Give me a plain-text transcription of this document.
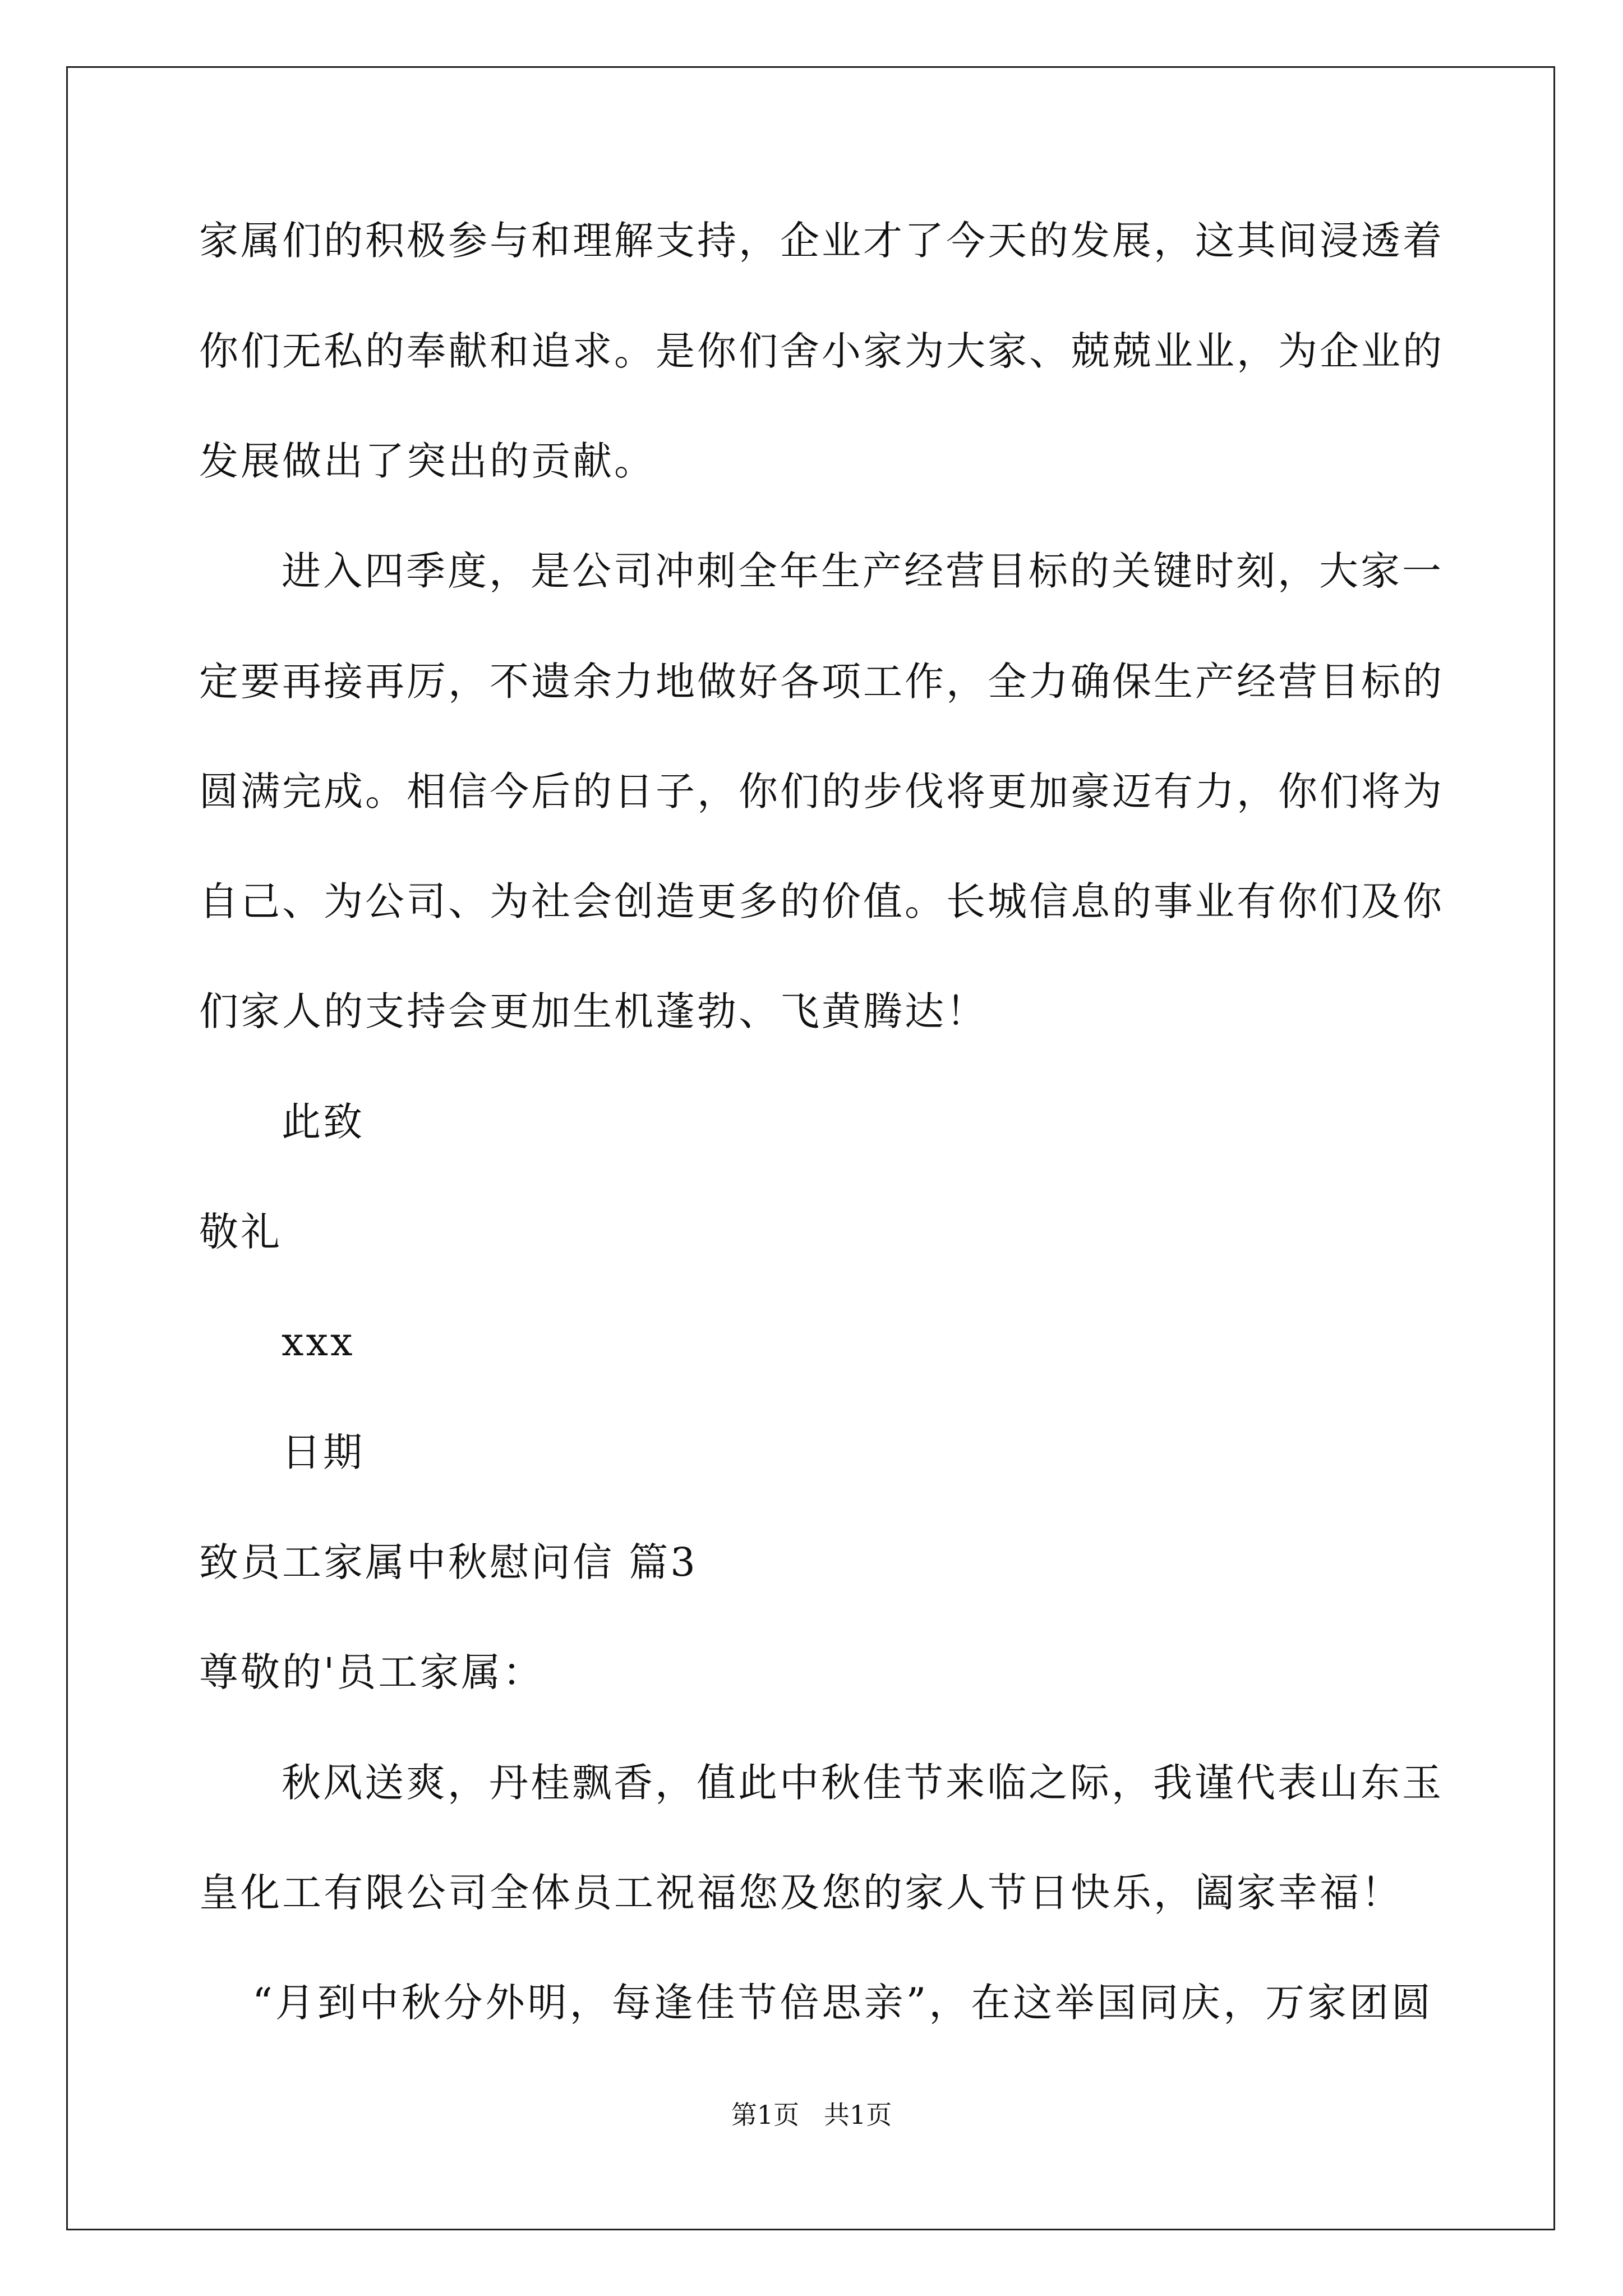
家属们的积极参与和理解支持，企业才了今天的发展，这其间浸透着
你们无私的奉献和追求。是你们舍小家为大家、兢兢业业，为企业的
发展做出了突出的贡献。
进入四季度，是公司冲刺全年生产经营目标的关键时刻，大家一
定要再接再厉，不遗余力地做好各项工作，全力确保生产经营目标的
圆满完成。相信今后的日子，你们的步伐将更加豪迈有力，你们将为
自己、为公司、为社会创造更多的价值。长城信息的事业有你们及你
们家人的支持会更加生机蓬勃、飞黄腾达！
此致
敬礼
xxx
日期
致员工家属中秋慰问信 篇3
尊敬的'员工家属：
秋风送爽，丹桂飘香，值此中秋佳节来临之际，我谨代表山东玉
皇化工有限公司全体员工祝福您及您的家人节日快乐，阖家幸福！
“月到中秋分外明，每逢佳节倍思亲”，在这举国同庆，万家团圆
第1页   共1页
